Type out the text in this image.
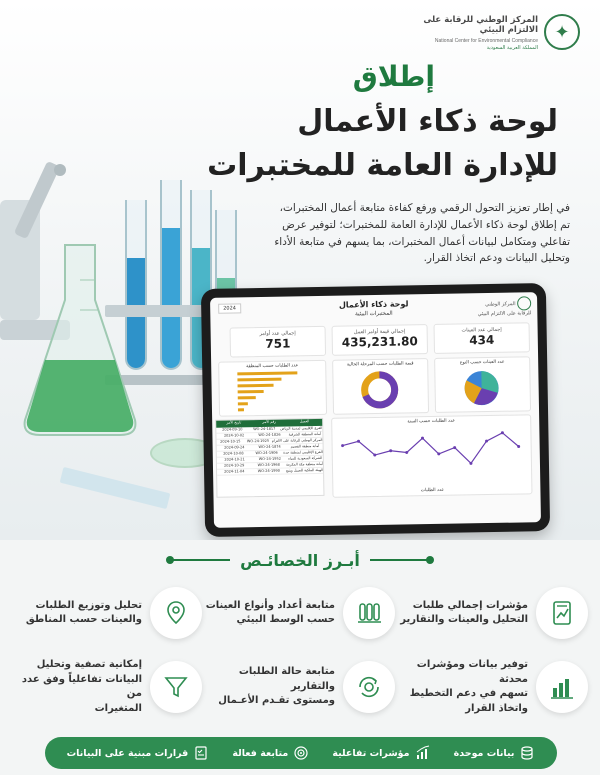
✦
المركز الوطني للرقابة على الالتزام البيئي
National Center for Environmental Compliance
المملكة العربية السعودية
إطلاق
لوحة ذكاء الأعمال
للإدارة العامة للمختبرات

في إطار تعزيز التحول الرقمي ورفع كفاءة متابعة أعمال المختبرات،

تم إطلاق لوحة ذكاء الأعمال للإدارة العامة للمختبرات؛ لتوفير عرض

تفاعلي ومتكامل لبيانات أعمال المختبرات، بما يسهم في متابعة الأداء

وتحليل البيانات ودعم اتخاذ القرار.

المركز الوطني للرقابة على الالتزام البيئي
لوحة ذكاء الأعمال
المختبرات البيئية
2024
إجمالي عدد العينات
434
إجمالي قيمة أوامر العمل
435,231.80
إجمالي عدد أوامر
751
عدد العينات حسب النوع
قيمة الطلبات حسب المرحلة الحالية
عدد الطلبات حسب المنطقة
العميل
رقم الأمر
تاريخ الأمر
الفرع الإقليمي لمدينة الرياض
WO-24-1817
2024-09-10
أمانة المنطقة الشرقية
WO-24-1826
2024-10-02
المركز الوطني للرقابة على الالتزام
WO-24-1925
2024-10-15
أمانة منطقة القصيم
WO-24-1874
2024-09-24
الفرع الإقليمي لمنطقة جدة
WO-24-1906
2024-10-08
الشركة السعودية للمياه
WO-24-1952
2024-10-21
أمانة منطقة مكة المكرمة
WO-24-1968
2024-10-29
الهيئة الملكية للجبيل وينبع
WO-24-1990
2024-11-04
عدد الطلبات حسب السنة
عدد الطلبات
أبـرز الخصائـص
مؤشرات إجمالي طلبات
التحليل والعينات والتقارير
متابعة أعداد وأنواع العينات
حسب الوسط البيئي
تحليل وتوزيع الطلبات
والعينات حسب المناطق
توفير بيانات ومؤشرات محدثة
تسهم في دعم التخطيط
واتخاذ القرار
متابعة حالة الطلبات والتقارير
ومستوى تقـدم الأعـمال
إمكانية تصفية وتحليل
البيانات تفاعلياً وفق عدد من
المتغيرات
بيانات موحدة
مؤشرات تفاعلية
متابعة فعالة
قرارات مبنية على البيانات
